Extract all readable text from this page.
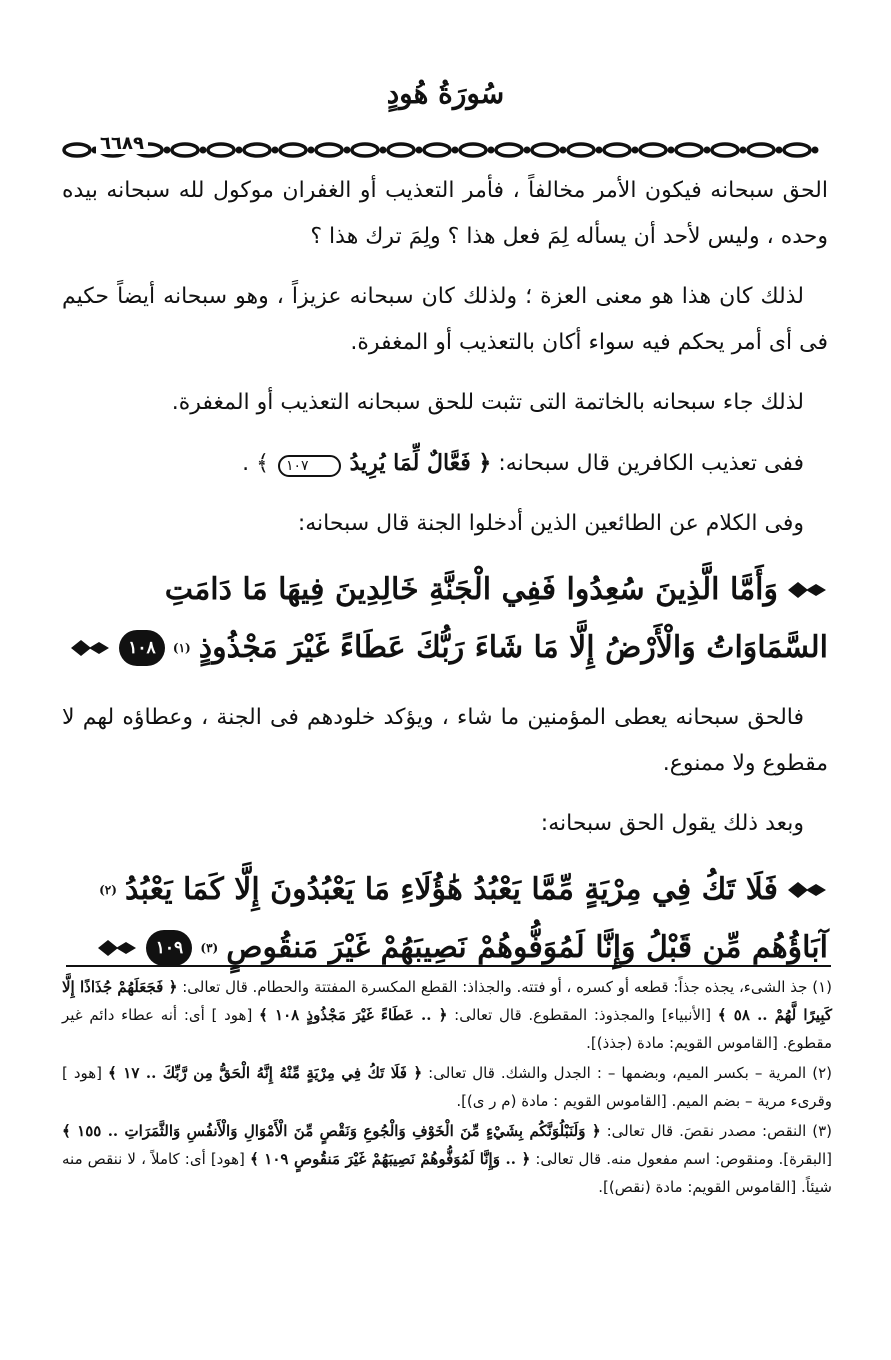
سُورَةُ هُودٍ
٦٦٨٩

الحق سبحانه فيكون الأمر مخالفاً ، فأمر التعذيب أو الغفران موكول لله سبحانه بيده وحده ، وليس لأحد أن يسأله لِمَ فعل هذا ؟ ولِمَ ترك هذا ؟

لذلك كان هذا هو معنى العزة ؛ ولذلك كان سبحانه عزيزاً ، وهو سبحانه أيضاً حكيم فى أى أمر يحكم فيه سواء أكان بالتعذيب أو المغفرة.

لذلك جاء سبحانه بالخاتمة التى تثبت للحق سبحانه التعذيب أو المغفرة.

ففى تعذيب الكافرين قال سبحانه: ﴿ فَعَّالٌ لِّمَا يُرِيدُ ١٠٧ ﴾ .

وفى الكلام عن الطائعين الذين أدخلوا الجنة قال سبحانه:

وَأَمَّا الَّذِينَ سُعِدُوا فَفِي الْجَنَّةِ خَالِدِينَ فِيهَا مَا دَامَتِ
السَّمَاوَاتُ وَالْأَرْضُ إِلَّا مَا شَاءَ رَبُّكَ عَطَاءً غَيْرَ مَجْذُوذٍ
(١)
١٠٨

فالحق سبحانه يعطى المؤمنين ما شاء ، ويؤكد خلودهم فى الجنة ، وعطاؤه لهم لا مقطوع ولا ممنوع.

وبعد ذلك يقول الحق سبحانه:

فَلَا تَكُ فِي مِرْيَةٍ مِّمَّا يَعْبُدُ هَٰؤُلَاءِ مَا يَعْبُدُونَ إِلَّا كَمَا يَعْبُدُ
(٢)
آبَاؤُهُم مِّن قَبْلُ وَإِنَّا لَمُوَفُّوهُمْ نَصِيبَهُمْ غَيْرَ مَنقُوصٍ
(٣)
١٠٩

(١) جذ الشىء، يجذه جذاً: قطعه أو كسره ، أو فتته. والجذاذ: القطع المكسرة المفتتة والحطام. قال تعالى: ﴿ فَجَعَلَهُمْ جُذَاذًا إِلَّا كَبِيرًا لَّهُمْ .. ٥٨ ﴾ [الأنبياء] والمجذوذ: المقطوع. قال تعالى: ﴿ .. عَطَاءً غَيْرَ مَجْذُوذٍ ١٠٨ ﴾ [هود ] أى: أنه عطاء دائم غير مقطوع. [القاموس القويم: مادة (جذذ)].

(٢) المرية – بكسر الميم، وبضمها – : الجدل والشك. قال تعالى: ﴿ فَلَا تَكُ فِي مِرْيَةٍ مِّنْهُ إِنَّهُ الْحَقُّ مِن رَّبِّكَ .. ١٧ ﴾ [هود ] وقرىء مرية – بضم الميم. [القاموس القويم : مادة (م ر ى)].

(٣) النقص: مصدر نقصَ. قال تعالى: ﴿ وَلَنَبْلُوَنَّكُم بِشَيْءٍ مِّنَ الْخَوْفِ وَالْجُوعِ وَنَقْصٍ مِّنَ الْأَمْوَالِ وَالْأَنفُسِ وَالثَّمَرَاتِ .. ١٥٥ ﴾ [البقرة]. ومنقوص: اسم مفعول منه. قال تعالى: ﴿ .. وَإِنَّا لَمُوَفُّوهُمْ نَصِيبَهُمْ غَيْرَ مَنقُوصٍ ١٠٩ ﴾ [هود] أى: كاملاً ، لا ننقص منه شيئاً. [القاموس القويم: مادة (نقص)].
